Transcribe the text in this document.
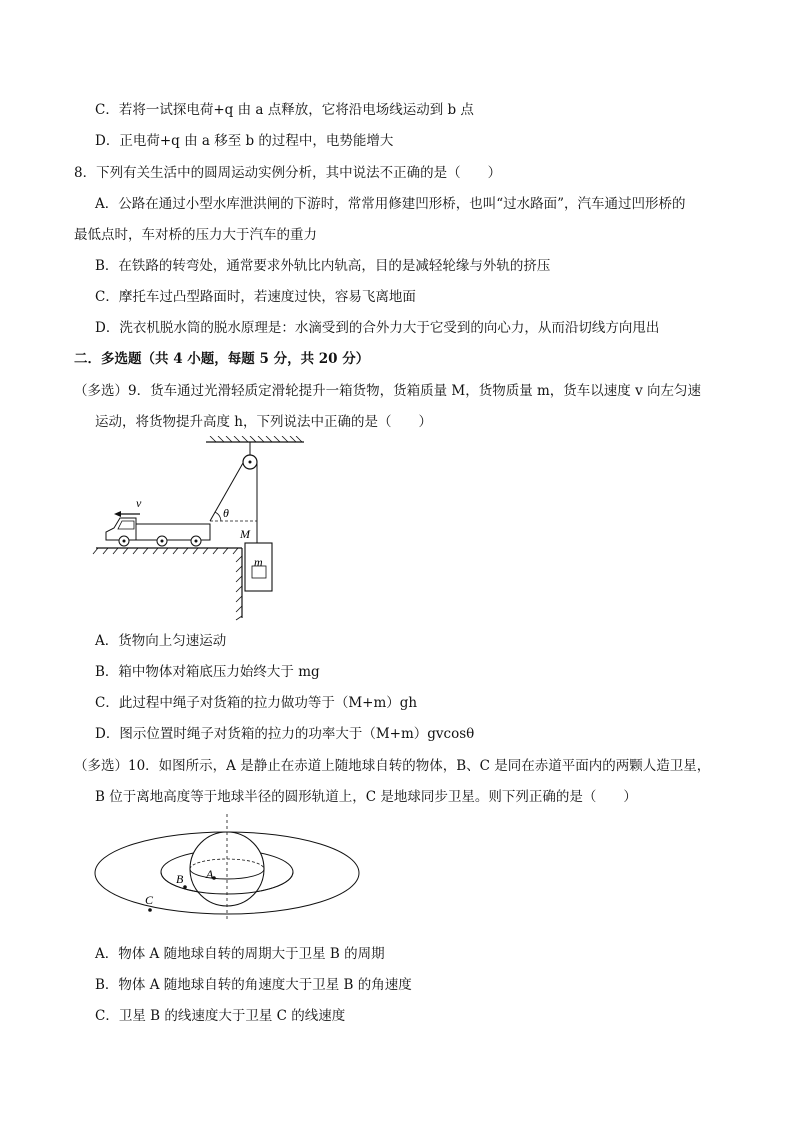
C．若将一试探电荷+q 由 a 点释放，它将沿电场线运动到 b 点
D．正电荷+q 由 a 移至 b 的过程中，电势能增大
8．下列有关生活中的圆周运动实例分析，其中说法不正确的是（　　）
A．公路在通过小型水库泄洪闸的下游时，常常用修建凹形桥，也叫“过水路面”，汽车通过凹形桥的
最低点时，车对桥的压力大于汽车的重力
B．在铁路的转弯处，通常要求外轨比内轨高，目的是减轻轮缘与外轨的挤压
C．摩托车过凸型路面时，若速度过快，容易飞离地面
D．洗衣机脱水筒的脱水原理是：水滴受到的合外力大于它受到的向心力，从而沿切线方向甩出
二．多选题（共 4 小题，每题 5 分，共 20 分）
（多选）9．货车通过光滑轻质定滑轮提升一箱货物，货箱质量 M，货物质量 m，货车以速度 v 向左匀速
运动，将货物提升高度 h，下列说法中正确的是（　　）
θ
v
M
m
A．货物向上匀速运动
B．箱中物体对箱底压力始终大于 mg
C．此过程中绳子对货箱的拉力做功等于（M+m）gh
D．图示位置时绳子对货箱的拉力的功率大于（M+m）gvcosθ
（多选）10．如图所示，A 是静止在赤道上随地球自转的物体，B、C 是同在赤道平面内的两颗人造卫星，
B 位于离地高度等于地球半径的圆形轨道上，C 是地球同步卫星。则下列正确的是（　　）
A
B
C
A．物体 A 随地球自转的周期大于卫星 B 的周期
B．物体 A 随地球自转的角速度大于卫星 B 的角速度
C．卫星 B 的线速度大于卫星 C 的线速度
